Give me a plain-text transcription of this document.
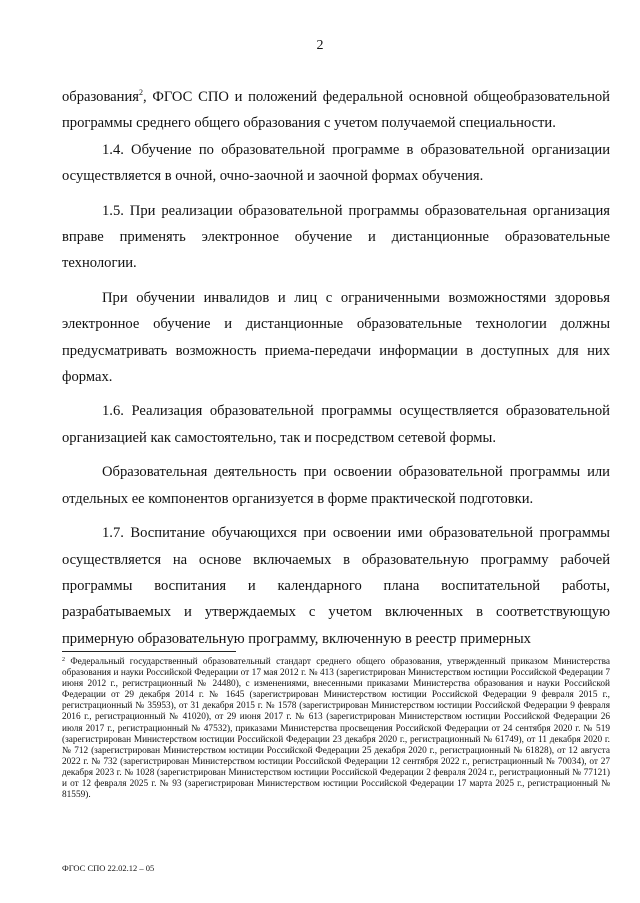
2

образования$^2$, ФГОС СПО и положений федеральной основной общеобразовательной программы среднего общего образования с учетом получаемой специальности.

1.4. Обучение по образовательной программе в образовательной организации осуществляется в очной, очно-заочной и заочной формах обучения.

1.5. При реализации образовательной программы образовательная организация вправе применять электронное обучение и дистанционные образовательные технологии.

При обучении инвалидов и лиц с ограниченными возможностями здоровья электронное обучение и дистанционные образовательные технологии должны предусматривать возможность приема-передачи информации в доступных для них формах.

1.6. Реализация образовательной программы осуществляется образовательной организацией как самостоятельно, так и посредством сетевой формы.

Образовательная деятельность при освоении образовательной программы или отдельных ее компонентов организуется в форме практической подготовки.

1.7. Воспитание обучающихся при освоении ими образовательной программы осуществляется на основе включаемых в образовательную программу рабочей программы воспитания и календарного плана воспитательной работы, разрабатываемых и утверждаемых с учетом включенных в соответствующую примерную образовательную программу, включенную в реестр примерных

$^2$ Федеральный государственный образовательный стандарт среднего общего образования, утвержденный приказом Министерства образования и науки Российской Федерации от 17 мая 2012 г. № 413 (зарегистрирован Министерством юстиции Российской Федерации 7 июня 2012 г., регистрационный № 24480), с изменениями, внесенными приказами Министерства образования и науки Российской Федерации от 29 декабря 2014 г. № 1645 (зарегистрирован Министерством юстиции Российской Федерации 9 февраля 2015 г., регистрационный № 35953), от 31 декабря 2015 г. № 1578 (зарегистрирован Министерством юстиции Российской Федерации 9 февраля 2016 г., регистрационный № 41020), от 29 июня 2017 г. № 613 (зарегистрирован Министерством юстиции Российской Федерации 26 июля 2017 г., регистрационный № 47532), приказами Министерства просвещения Российской Федерации от 24 сентября 2020 г. № 519 (зарегистрирован Министерством юстиции Российской Федерации 23 декабря 2020 г., регистрационный № 61749), от 11 декабря 2020 г. № 712 (зарегистрирован Министерством юстиции Российской Федерации 25 декабря 2020 г., регистрационный № 61828), от 12 августа 2022 г. № 732 (зарегистрирован Министерством юстиции Российской Федерации 12 сентября 2022 г., регистрационный № 70034), от 27 декабря 2023 г. № 1028 (зарегистрирован Министерством юстиции Российской Федерации 2 февраля 2024 г., регистрационный № 77121) и от 12 февраля 2025 г. № 93 (зарегистрирован Министерством юстиции Российской Федерации 17 марта 2025 г., регистрационный № 81559).
ФГОС СПО 22.02.12 – 05
